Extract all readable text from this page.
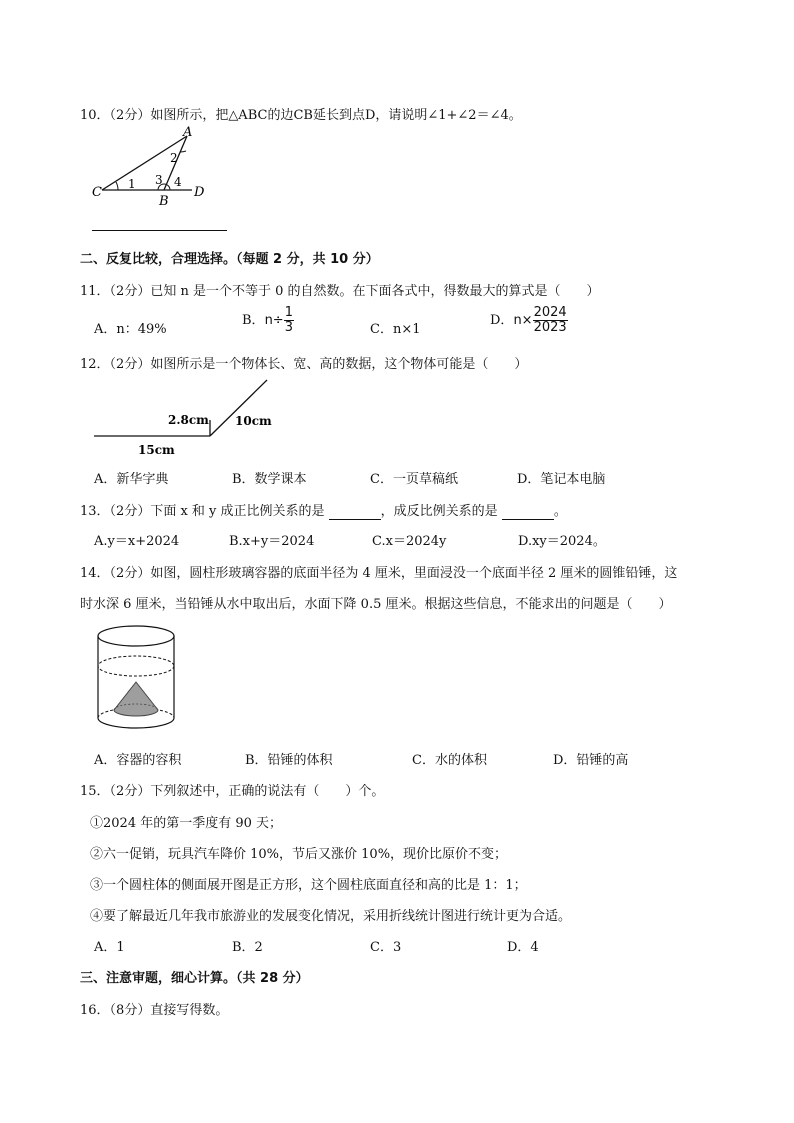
10．（2分）如图所示，把△ABC的边CB延长到点D，请说明∠1+∠2＝∠4。
A
C
B
D
1
2
3 4
二、反复比较，合理选择。（每题 2 分，共 10 分）
11．（2分）已知 n 是一个不等于 0 的自然数。在下面各式中，得数最大的算式是（　　）
A．n：49%
B．$n\div \frac{1}{3}$	C．n×1
D．$n\times \frac{2024}{2023}$
12．（2分）如图所示是一个物体长、宽、高的数据，这个物体可能是（　　）
2.8cm 10cm
15cm
A．新华字典	B．数学课本	C．一页草稿纸	D．笔记本电脑
13．（2分）下面 x 和 y 成正比例关系的是	，成反比例关系的是	。
A.y＝x+2024	B.x+y＝2024	C.x＝2024y	D.xy＝2024。
14．（2分）如图，圆柱形玻璃容器的底面半径为 4 厘米，里面浸没一个底面半径 2 厘米的圆锥铅锤，这
时水深 6 厘米，当铅锤从水中取出后，水面下降 0.5 厘米。根据这些信息，不能求出的问题是（　　）
A．容器的容积	B．铅锤的体积	C．水的体积	D．铅锤的高
15．（2分）下列叙述中，正确的说法有（　　）个。
①2024 年的第一季度有 90 天；
②六一促销，玩具汽车降价 10%，节后又涨价 10%，现价比原价不变；
③一个圆柱体的侧面展开图是正方形，这个圆柱底面直径和高的比是 1：1；
④要了解最近几年我市旅游业的发展变化情况，采用折线统计图进行统计更为合适。
A．1	B．2	C．3	D．4
三、注意审题，细心计算。（共 28 分）
16．（8分）直接写得数。
